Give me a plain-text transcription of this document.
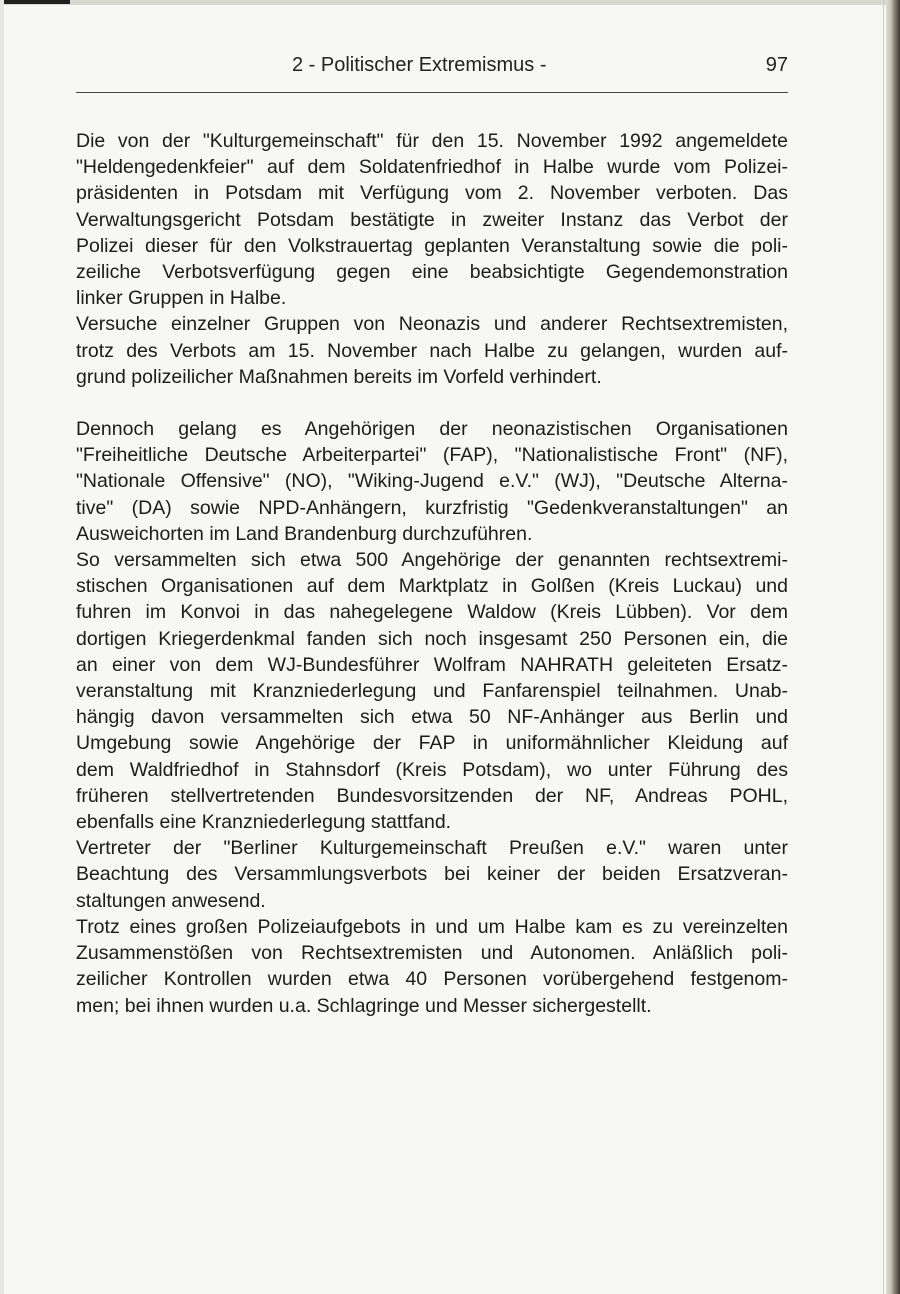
2 - Politischer Extremismus -	97
Die von der "Kulturgemeinschaft" für den 15. November 1992 angemeldete
"Heldengedenkfeier" auf dem Soldatenfriedhof in Halbe wurde vom Polizei-
präsidenten in Potsdam mit Verfügung vom 2. November verboten. Das
Verwaltungsgericht Potsdam bestätigte in zweiter Instanz das Verbot der
Polizei dieser für den Volkstrauertag geplanten Veranstaltung sowie die poli-
zeiliche Verbotsverfügung gegen eine beabsichtigte Gegendemonstration
linker Gruppen in Halbe.
Versuche einzelner Gruppen von Neonazis und anderer Rechtsextremisten,
trotz des Verbots am 15. November nach Halbe zu gelangen, wurden auf-
grund polizeilicher Maßnahmen bereits im Vorfeld verhindert.
Dennoch gelang es Angehörigen der neonazistischen Organisationen
"Freiheitliche Deutsche Arbeiterpartei" (FAP), "Nationalistische Front" (NF),
"Nationale Offensive" (NO), "Wiking-Jugend e.V." (WJ), "Deutsche Alterna-
tive" (DA) sowie NPD-Anhängern, kurzfristig "Gedenkveranstaltungen" an
Ausweichorten im Land Brandenburg durchzuführen.
So versammelten sich etwa 500 Angehörige der genannten rechtsextremi-
stischen Organisationen auf dem Marktplatz in Golßen (Kreis Luckau) und
fuhren im Konvoi in das nahegelegene Waldow (Kreis Lübben). Vor dem
dortigen Kriegerdenkmal fanden sich noch insgesamt 250 Personen ein, die
an einer von dem WJ-Bundesführer Wolfram NAHRATH geleiteten Ersatz-
veranstaltung mit Kranzniederlegung und Fanfarenspiel teilnahmen. Unab-
hängig davon versammelten sich etwa 50 NF-Anhänger aus Berlin und
Umgebung sowie Angehörige der FAP in uniformähnlicher Kleidung auf
dem Waldfriedhof in Stahnsdorf (Kreis Potsdam), wo unter Führung des
früheren stellvertretenden Bundesvorsitzenden der NF, Andreas POHL,
ebenfalls eine Kranzniederlegung stattfand.
Vertreter der "Berliner Kulturgemeinschaft Preußen e.V." waren unter
Beachtung des Versammlungsverbots bei keiner der beiden Ersatzveran-
staltungen anwesend.
Trotz eines großen Polizeiaufgebots in und um Halbe kam es zu vereinzelten
Zusammenstößen von Rechtsextremisten und Autonomen. Anläßlich poli-
zeilicher Kontrollen wurden etwa 40 Personen vorübergehend festgenom-
men; bei ihnen wurden u.a. Schlagringe und Messer sichergestellt.
